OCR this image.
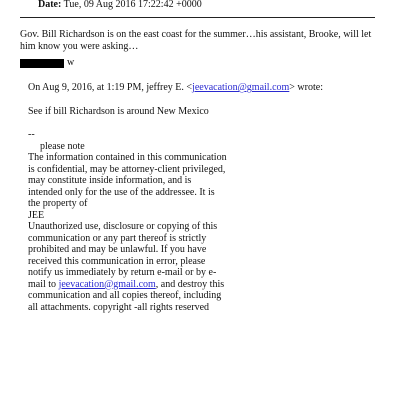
Date: Tue, 09 Aug 2016 17:22:42 +0000
Gov. Bill Richardson is on the east coast for the summer…his assistant, Brooke, will let him know you were asking…
w

On Aug 9, 2016, at 1:19 PM, jeffrey E. <jeevacation@gmail.com> wrote:

See if bill Richardson is around New Mexico

--

please note

The information contained in this communication is confidential, may be attorney-client privileged, may constitute inside information, and is intended only for the use of the addressee. It is the property of

JEE

Unauthorized use, disclosure or copying of this communication or any part thereof is strictly prohibited and may be unlawful. If you have received this communication in error, please notify us immediately by return e-mail or by e-mail to jeevacation@gmail.com, and destroy this communication and all copies thereof, including all attachments. copyright -all rights reserved
